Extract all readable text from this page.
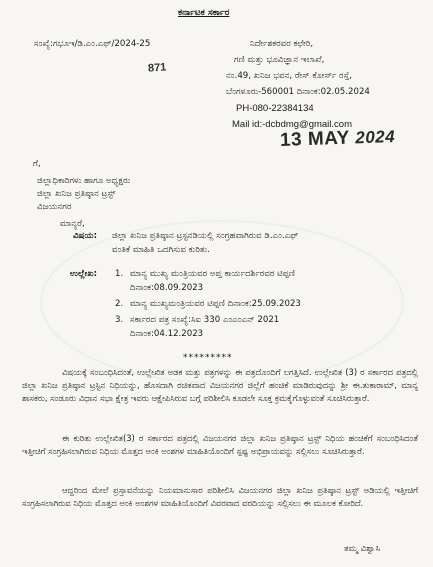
ಕರ್ನಾಟಕ ಸರ್ಕಾರ
ಸಂಖ್ಯೆ:ಗಭೂಇ/ಡಿ.ಎಂ.ಎಫ್/2024-25
871
ನಿರ್ದೇಶಕರವರ ಕಛೇರಿ,
ಗಣಿ ಮತ್ತು ಭೂವಿಜ್ಞಾನ ಇಲಾಖೆ,
ನಂ.49, ಖನಿಜ ಭವನ, ರೇಸ್ ಕೋರ್ಸ್ ರಸ್ತೆ,
ಬೆಂಗಳೂರು-560001 ದಿನಾಂಕ:02.05.2024
PH-080-22384134
Mail id:-dcbdmg@gmail.com
13 MAY 2024
ಗೆ,
ಜಿಲ್ಲಾಧಿಕಾರಿಗಳು ಹಾಗೂ ಅಧ್ಯಕ್ಷರು
ಜಿಲ್ಲಾ ಖನಿಜ ಪ್ರತಿಷ್ಠಾನ ಟ್ರಸ್ಟ್
ವಿಜಯನಗರ
ಮಾನ್ಯರೆ,
ವಿಷಯ: ಜಿಲ್ಲಾ ಖನಿಜ ಪ್ರತಿಷ್ಠಾನ ಟ್ರಸ್ಟನಡಿಯಲ್ಲಿ ಸಂಗ್ರಹವಾಗಿರುವ ಡಿ.ಎಂ.ಎಫ್
ವಂತಿಕೆ ಮಾಹಿತಿ ಒದಗಿಸುವ ಕುರಿತು.
ಉಲ್ಲೇಖ: 1. ಮಾನ್ಯ ಮುಖ್ಯ ಮಂತ್ರಿಯವರ ಅಪ್ತ ಕಾರ್ಯದರ್ಶಿರವರ ಟಿಪ್ಪಣಿ
ದಿನಾಂಕ:08.09.2023
2. ಮಾನ್ಯ ಮುಖ್ಯಮಂತ್ರಿಯವರ ಟಿಪ್ಪಣಿ ದಿನಾಂಕ:25.09.2023
3. ಸರ್ಕಾರದ ಪತ್ರ ಸಂಖ್ಯೆ:ಸಿಐ 330 ಎಂಎಂಎನ್ 2021
ದಿನಾಂಕ:04.12.2023
*********
ವಿಷಯಕ್ಕೆ ಸಂಬಂಧಿಸಿದಂತೆ, ಉಲ್ಲೇಖಿತ ಅಡಕ ಮತ್ತು ಪತ್ರಗಳನ್ನು ಈ ಪತ್ರದೊಂದಿಗೆ ಲಗತ್ತಿಸಿದೆ. ಉಲ್ಲೇಖಿತ (3) ರ ಸರ್ಕಾರದ ಪತ್ರದಲ್ಲಿ ಜಿಲ್ಲಾ ಖನಿಜ ಪ್ರತಿಷ್ಠಾನ ಟ್ರಸ್ಟಿನ ನಿಧಿಯನ್ನು, ಹೊಸದಾಗಿ ರಚಿತವಾದ ವಿಜಯನಗರ ಜಿಲ್ಲೆಗೆ ಹಂಚಿಕೆ ಮಾಡಿರುವುದನ್ನು ಶ್ರೀ ಈ.ತುಕಾರಾಮ್, ಮಾನ್ಯ ಶಾಸಕರು, ಸಂಡೂರು ವಿಧಾನ ಸಭಾ ಕ್ಷೇತ್ರ ಇವರು ಆಕ್ಷೇಪಿಸಿರುವ ಬಗ್ಗೆ ಪರಿಶೀಲಿಸಿ ಕೂಡಲೇ ಸೂಕ್ತ ಕ್ರಮಕೈಗೊಳ್ಳುವಂತೆ ಸೂಚಿಸಿರುತ್ತಾರೆ.
ಈ ಕುರಿತು ಉಲ್ಲೇಖಿತ(3) ರ ಸರ್ಕಾರದ ಪತ್ರದಲ್ಲಿ ವಿಜಯನಗರ ಜಿಲ್ಲಾ ಖನಿಜ ಪ್ರತಿಷ್ಠಾನ ಟ್ರಸ್ಟ್ ನಿಧಿಯ ಹಂಚಿಕೆಗೆ ಸಂಬಂಧಿಸಿದಂತೆ ಇತ್ತೀಚಿಗೆ ಸಂಗ್ರಹಿಸಲಾಗಿರುವ ನಿಧಿಯ ಮೊತ್ತದ ಅಂಕಿ ಅಂಶಗಳ ಮಾಹಿತಿಯೊಂದಿಗೆ ಸ್ಪಷ್ಟ ಅಭಿಪ್ರಾಯವನ್ನು ಸಲ್ಲಿಸಲು ಸೂಚಿಸಿರುತ್ತಾರೆ.
ಆದ್ದರಿಂದ ಮೇಲೆ ಪ್ರಸ್ತಾವನೆಯನ್ನು ನಿಯಮಾನುಸಾರ ಪರಿಶೀಲಿಸಿ ವಿಜಯನಗರ ಜಿಲ್ಲಾ ಖನಿಜ ಪ್ರತಿಷ್ಠಾನ ಟ್ರಸ್ಟ್ ಅಡಿಯಲ್ಲಿ ಇತ್ತೀಚಿಗೆ ಸಂಗ್ರಹಿಸಲಾಗಿರುವ ನಿಧಿಯ ಮೊತ್ತದ ಅಂಕಿ ಅಂಶಗಳ ಮಾಹಿತಿಯೊಂದಿಗೆ ವಿವರವಾದ ವರದಿಯನ್ನು ಸಲ್ಲಿಸಲು ಈ ಮೂಲಕ ಕೋರಿದೆ.
ತಮ್ಮ ವಿಶ್ವಾಸಿ
